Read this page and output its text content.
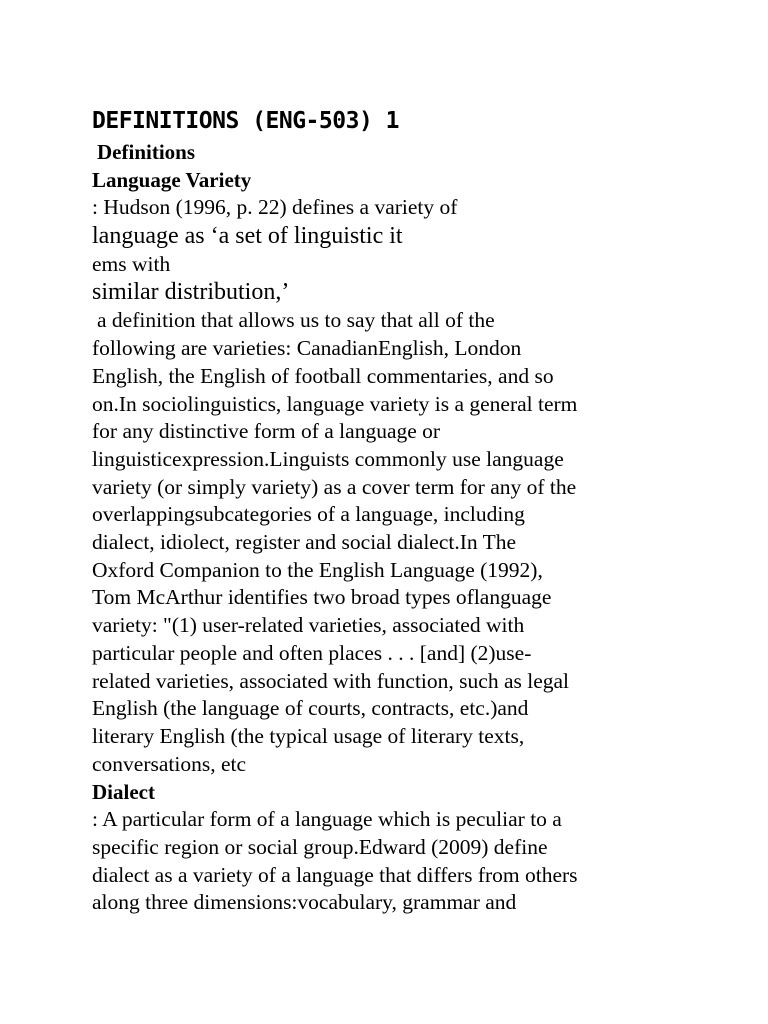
DEFINITIONS (ENG-503) 1
Definitions
Language Variety

: Hudson (1996, p. 22) defines a variety of

language as ‘a set of linguistic it

ems with

similar distribution,’

a definition that allows us to say that all of the

following are varieties: CanadianEnglish, London

English, the English of football commentaries, and so

on.In sociolinguistics, language variety is a general term

for any distinctive form of a language or

linguisticexpression.Linguists commonly use language

variety (or simply variety) as a cover term for any of the

overlappingsubcategories of a language, including

dialect, idiolect, register and social dialect.In The

Oxford Companion to the English Language (1992),

Tom McArthur identifies two broad types oflanguage

variety: "(1) user-related varieties, associated with

particular people and often places . . . [and] (2)use-

related varieties, associated with function, such as legal

English (the language of courts, contracts, etc.)and

literary English (the typical usage of literary texts,

conversations, etc

Dialect

: A particular form of a language which is peculiar to a

specific region or social group.Edward (2009) define

dialect as a variety of a language that differs from others

along three dimensions:vocabulary, grammar and
